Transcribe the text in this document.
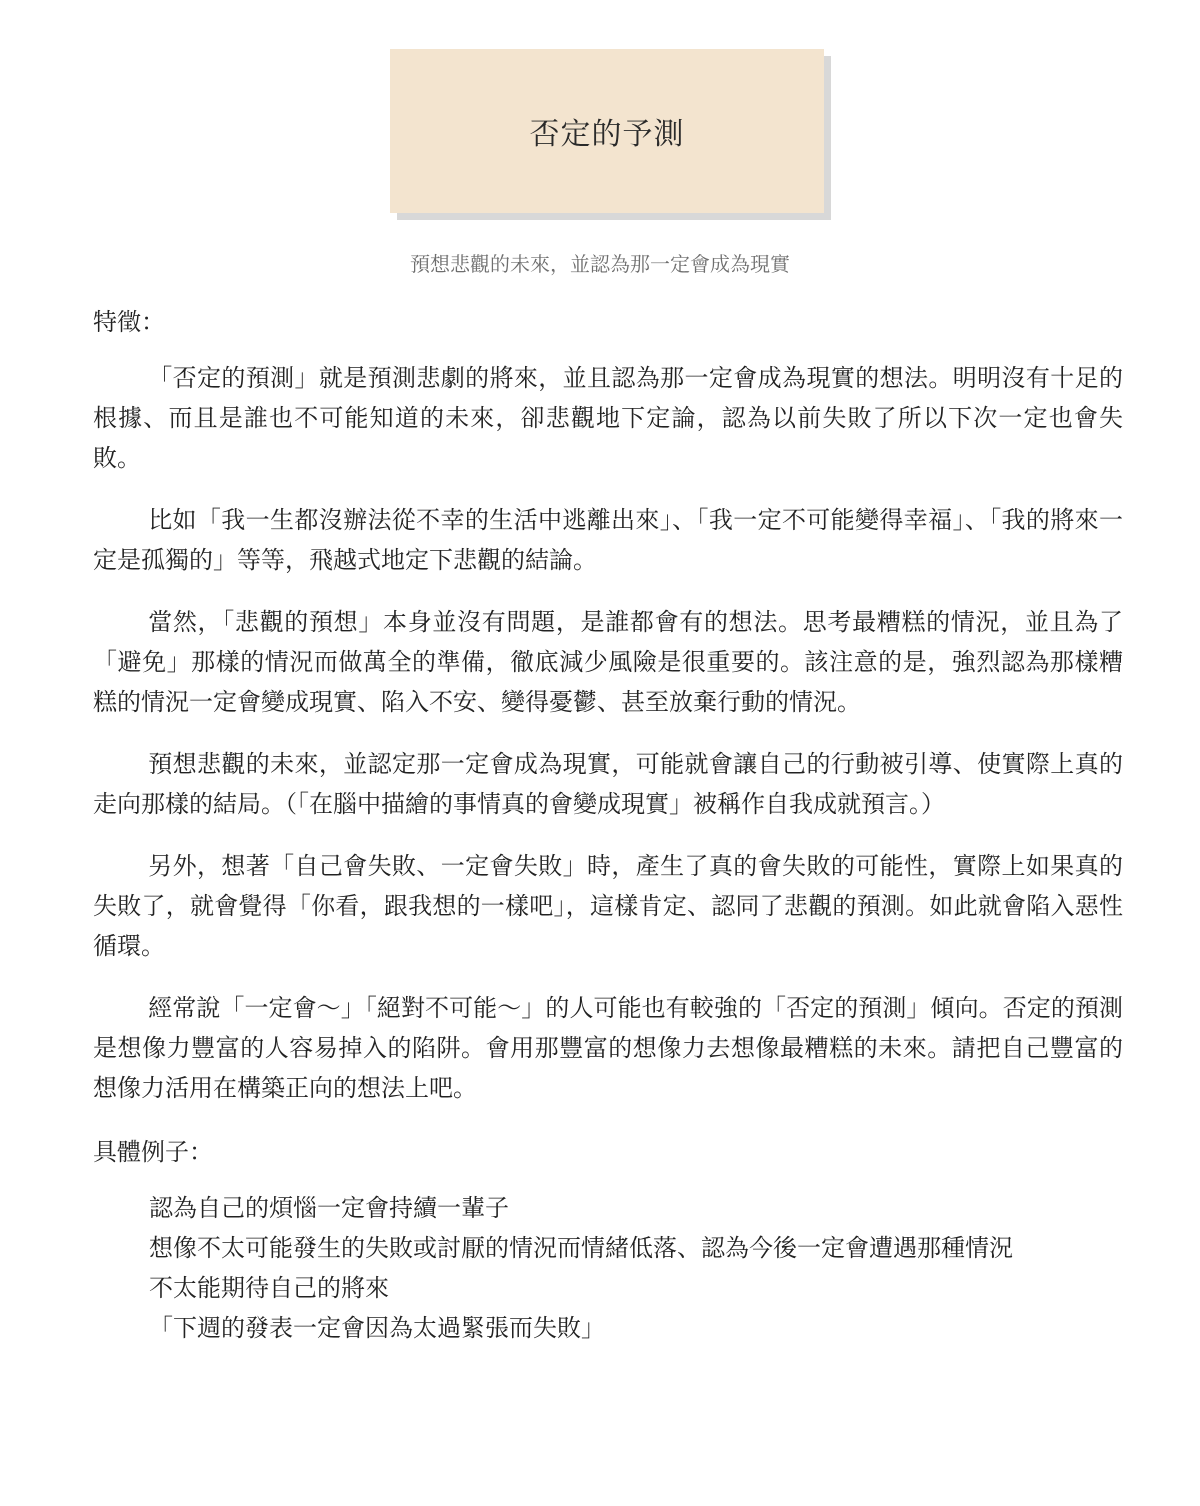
否定的予測
預想悲觀的未來，並認為那一定會成為現實
特徵：

「否定的預測」就是預測悲劇的將來，並且認為那一定會成為現實的想法。明明沒有十足的根據、而且是誰也不可能知道的未來，卻悲觀地下定論，認為以前失敗了所以下次一定也會失敗。

比如「我一生都沒辦法從不幸的生活中逃離出來」、「我一定不可能變得幸福」、「我的將來一定是孤獨的」等等，飛越式地定下悲觀的結論。

當然，「悲觀的預想」本身並沒有問題，是誰都會有的想法。思考最糟糕的情況，並且為了「避免」那樣的情況而做萬全的準備，徹底減少風險是很重要的。該注意的是，強烈認為那樣糟糕的情況一定會變成現實、陷入不安、變得憂鬱、甚至放棄行動的情況。

預想悲觀的未來，並認定那一定會成為現實，可能就會讓自己的行動被引導、使實際上真的走向那樣的結局。（「在腦中描繪的事情真的會變成現實」被稱作自我成就預言。）

另外，想著「自己會失敗、一定會失敗」時，產生了真的會失敗的可能性，實際上如果真的失敗了，就會覺得「你看，跟我想的一樣吧」，這樣肯定、認同了悲觀的預測。如此就會陷入惡性循環。

經常說「一定會～」「絕對不可能～」的人可能也有較強的「否定的預測」傾向。否定的預測是想像力豐富的人容易掉入的陷阱。會用那豐富的想像力去想像最糟糕的未來。請把自己豐富的想像力活用在構築正向的想法上吧。

具體例子：
認為自己的煩惱一定會持續一輩子
想像不太可能發生的失敗或討厭的情況而情緒低落、認為今後一定會遭遇那種情況
不太能期待自己的將來
「下週的發表一定會因為太過緊張而失敗」
